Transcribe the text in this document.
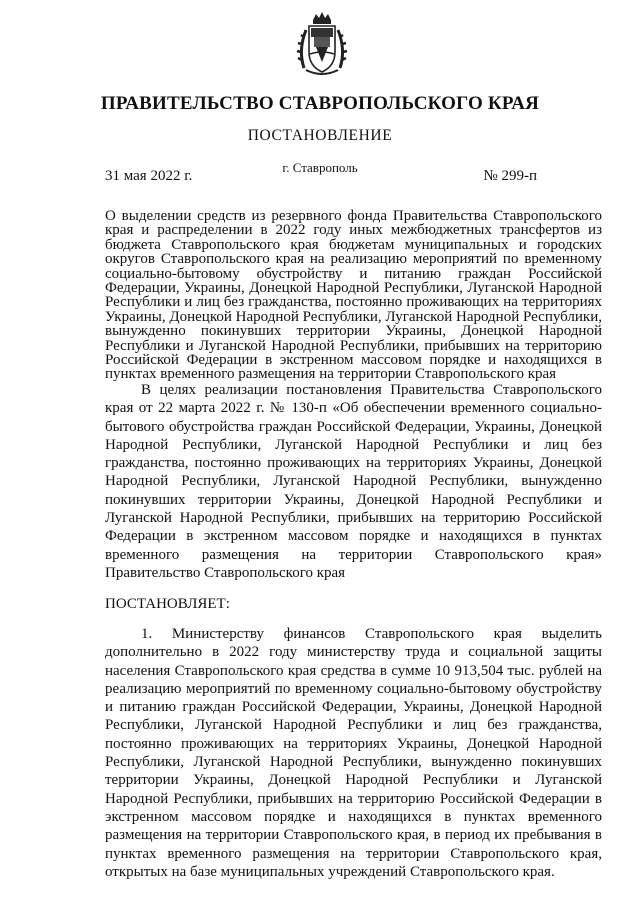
ПРАВИТЕЛЬСТВО СТАВРОПОЛЬСКОГО КРАЯ
ПОСТАНОВЛЕНИЕ
31 мая 2022 г.
г. Ставрополь
№ 299-п

О выделении средств из резервного фонда Правительства Ставропольского края и распределении в 2022 году иных межбюджетных трансфертов из бюджета Ставропольского края бюджетам муниципальных и городских округов Ставропольского края на реализацию мероприятий по временному социально-бытовому обустройству и питанию граждан Российской Федерации, Украины, Донецкой Народной Республики, Луганской Народной Республики и лиц без гражданства, постоянно проживающих на территориях Украины, Донецкой Народной Республики, Луганской Народной Республики, вынужденно покинувших территории Украины, Донецкой Народной Республики и Луганской Народной Республики, прибывших на территорию Российской Федерации в экстренном массовом порядке и находящихся в пунктах временного размещения на территории Ставропольского края

В целях реализации постановления Правительства Ставропольского края от 22 марта 2022 г. № 130-п «Об обеспечении временного социально-бытового обустройства граждан Российской Федерации, Украины, Донецкой Народной Республики, Луганской Народной Республики и лиц без гражданства, постоянно проживающих на территориях Украины, Донецкой Народной Республики, Луганской Народной Республики, вынужденно покинувших территории Украины, Донецкой Народной Республики и Луганской Народной Республики, прибывших на территорию Российской Федерации в экстренном массовом порядке и находящихся в пунктах временного размещения на территории Ставропольского края» Правительство Ставропольского края

ПОСТАНОВЛЯЕТ:

1. Министерству финансов Ставропольского края выделить дополнительно в 2022 году министерству труда и социальной защиты населения Ставропольского края средства в сумме 10 913,504 тыс. рублей на реализацию мероприятий по временному социально-бытовому обустройству и питанию граждан Российской Федерации, Украины, Донецкой Народной Республики, Луганской Народной Республики и лиц без гражданства, постоянно проживающих на территориях Украины, Донецкой Народной Республики, Луганской Народной Республики, вынужденно покинувших территории Украины, Донецкой Народной Республики и Луганской Народной Республики, прибывших на территорию Российской Федерации в экстренном массовом порядке и находящихся в пунктах временного размещения на территории Ставропольского края, в период их пребывания в пунктах временного размещения на территории Ставропольского края, открытых на базе муниципальных учреждений Ставропольского края.
